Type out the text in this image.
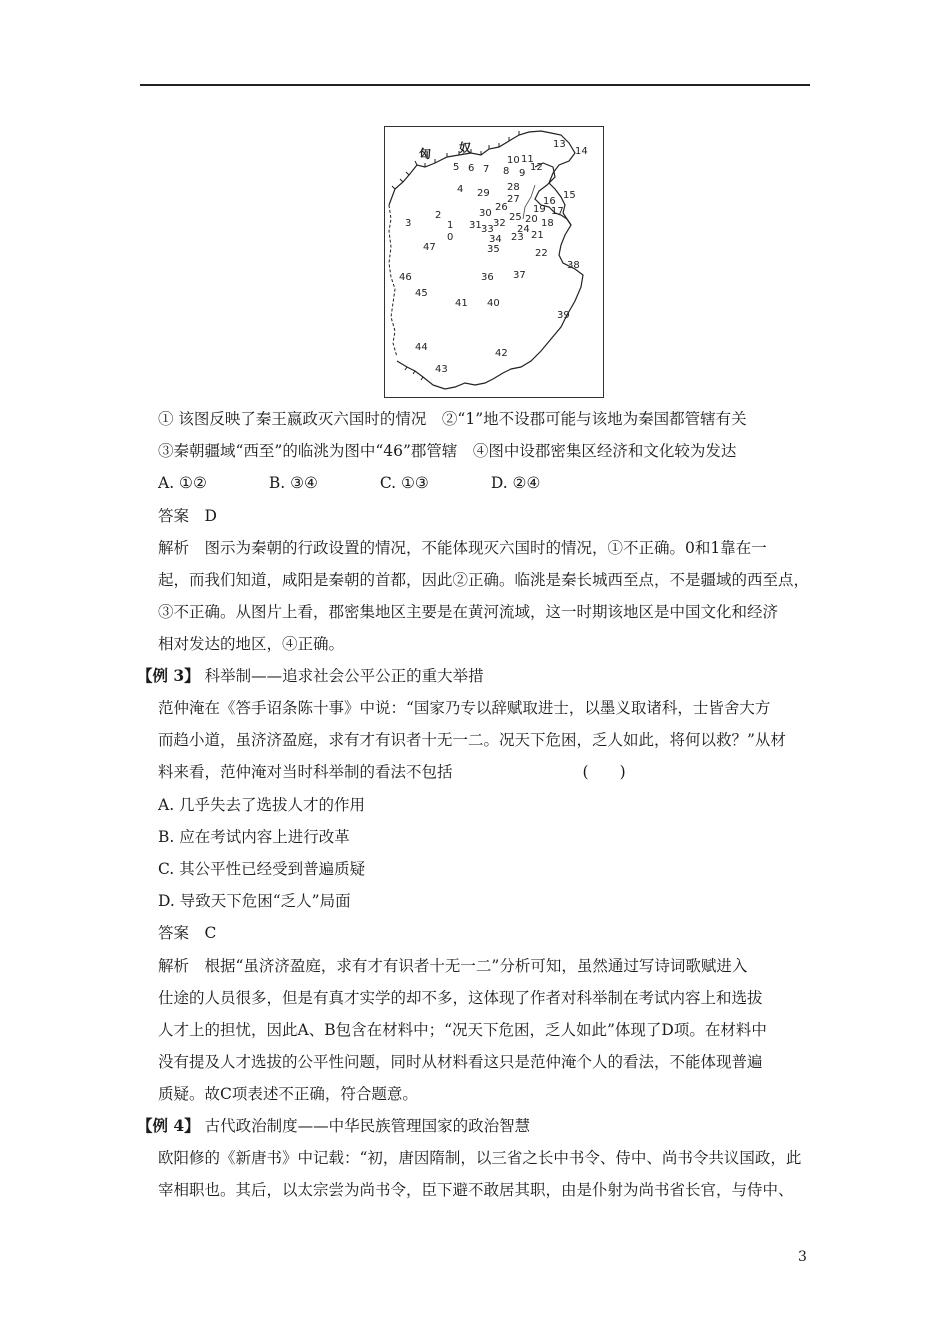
匈 奴
5 6 7 8 9
10 11
12
13
14
4 29
28
27	15
16
19 17
26
30
2
3	1 31 33
32
25 20 18
24
0	34 23 21
47	35	22
38
46	36 37
45
41 40
39
44
42
43
① 该图反映了秦王嬴政灭六国时的情况　②“1”地不设郡可能与该地为秦国都管辖有关
③秦朝疆域“西至”的临洮为图中“46”郡管辖　④图中设郡密集区经济和文化较为发达
A. ①②　　　　B. ③④　　　　C. ①③　　　　D. ②④
答案　D
解析　图示为秦朝的行政设置的情况，不能体现灭六国时的情况，①不正确。0和1靠在一
起，而我们知道，咸阳是秦朝的首都，因此②正确。临洮是秦长城西至点，不是疆域的西至点，
③不正确。从图片上看，郡密集地区主要是在黄河流域，这一时期该地区是中国文化和经济
相对发达的地区，④正确。
【例 3】 科举制——追求社会公平公正的重大举措
范仲淹在《答手诏条陈十事》中说：“国家乃专以辞赋取进士，以墨义取诸科，士皆舍大方
而趋小道，虽济济盈庭，求有才有识者十无一二。况天下危困，乏人如此，将何以救？”从材
料来看，范仲淹对当时科举制的看法不包括	(　　)
A. 几乎失去了选拔人才的作用
B. 应在考试内容上进行改革
C. 其公平性已经受到普遍质疑
D. 导致天下危困“乏人”局面
答案　C
解析　根据“虽济济盈庭，求有才有识者十无一二”分析可知，虽然通过写诗词歌赋进入
仕途的人员很多，但是有真才实学的却不多，这体现了作者对科举制在考试内容上和选拔
人才上的担忧，因此A、B包含在材料中；“况天下危困，乏人如此”体现了D项。在材料中
没有提及人才选拔的公平性问题，同时从材料看这只是范仲淹个人的看法，不能体现普遍
质疑。故C项表述不正确，符合题意。
【例 4】 古代政治制度——中华民族管理国家的政治智慧
欧阳修的《新唐书》中记载：“初，唐因隋制，以三省之长中书令、侍中、尚书令共议国政，此
宰相职也。其后，以太宗尝为尚书令，臣下避不敢居其职，由是仆射为尚书省长官，与侍中、
3
